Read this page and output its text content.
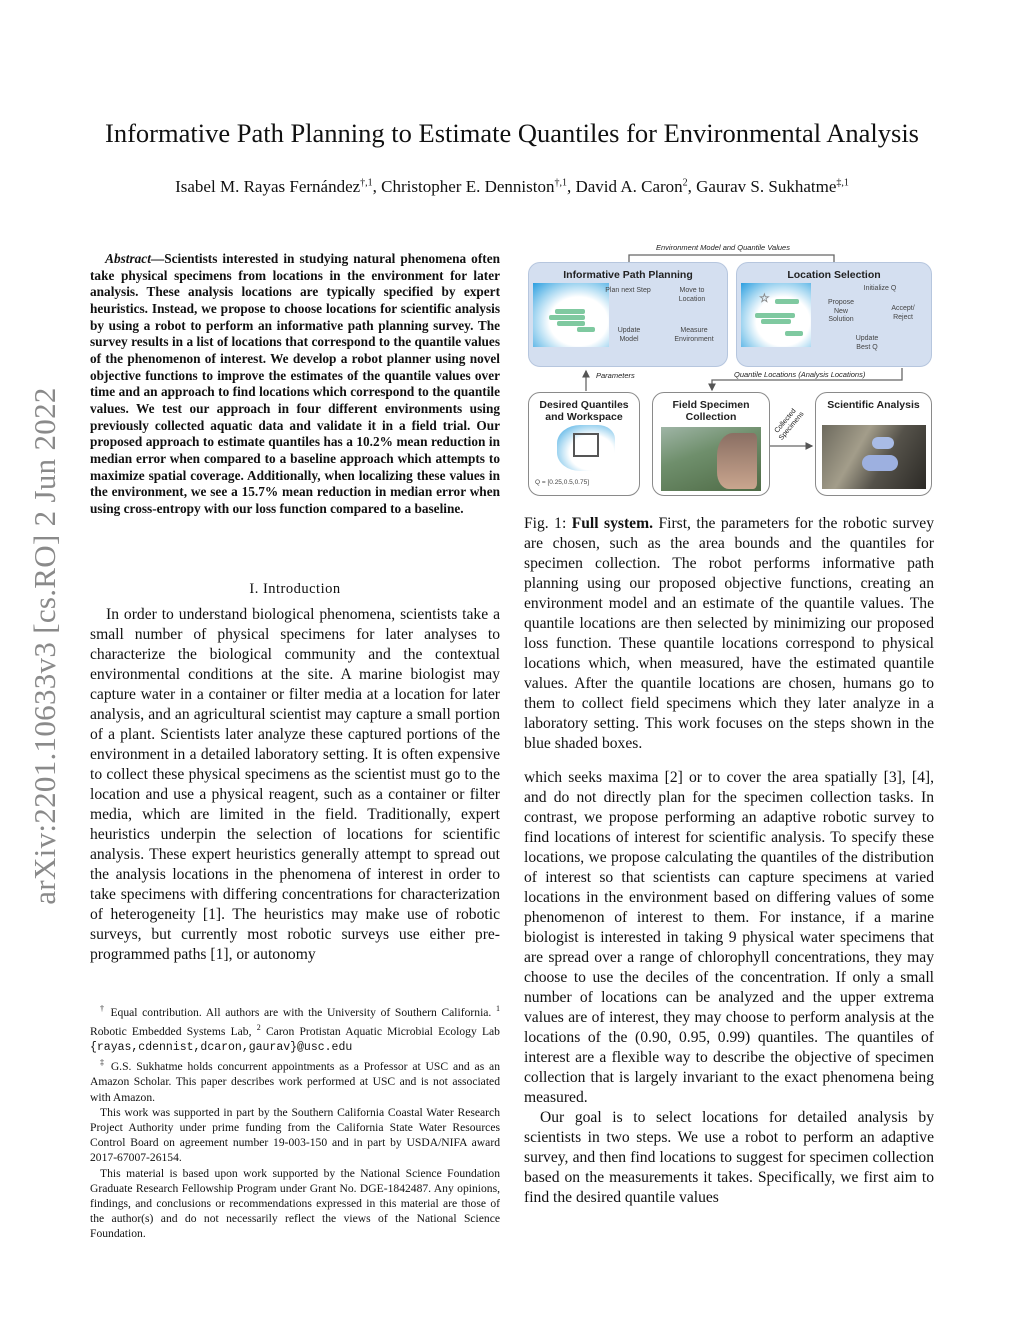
arXiv:2201.10633v3 [cs.RO] 2 Jun 2022
Informative Path Planning to Estimate Quantiles for Environmental Analysis
Isabel M. Rayas Fernández$^{\dagger,1}$, Christopher E. Denniston$^{\dagger,1}$, David A. Caron$^2$, Gaurav S. Sukhatme$^{\ddagger,1}$
Abstract—Scientists interested in studying natural phenomena often take physical specimens from locations in the environment for later analysis. These analysis locations are typically specified by expert heuristics. Instead, we propose to choose locations for scientific analysis by using a robot to perform an informative path planning survey. The survey results in a list of locations that correspond to the quantile values of the phenomenon of interest. We develop a robot planner using novel objective functions to improve the estimates of the quantile values over time and an approach to find locations which correspond to the quantile values. We test our approach in four different environments using previously collected aquatic data and validate it in a field trial. Our proposed approach to estimate quantiles has a 10.2% mean reduction in median error when compared to a baseline approach which attempts to maximize spatial coverage. Additionally, when localizing these values in the environment, we see a 15.7% mean reduction in median error when using cross-entropy with our loss function compared to a baseline.
I. Introduction

In order to understand biological phenomena, scientists take a small number of physical specimens for later analyses to characterize the biological community and the contextual environmental conditions at the site. A marine biologist may capture water in a container or filter media at a location for later analysis, and an agricultural scientist may capture a small portion of a plant. Scientists later analyze these captured portions of the environment in a detailed laboratory setting. It is often expensive to collect these physical specimens as the scientist must go to the location and use a physical reagent, such as a container or filter media, which are limited in the field. Traditionally, expert heuristics underpin the selection of locations for scientific analysis. These expert heuristics generally attempt to spread out the analysis locations in the phenomena of interest in order to take specimens with differing concentrations for characterization of heterogeneity [1]. The heuristics may make use of robotic surveys, but currently most robotic surveys use either pre-programmed paths [1], or autonomy

† Equal contribution. All authors are with the University of Southern California. $^1$ Robotic Embedded Systems Lab, $^2$ Caron Protistan Aquatic Microbial Ecology Lab {rayas,cdennist,dcaron,gaurav}@usc.edu

‡ G.S. Sukhatme holds concurrent appointments as a Professor at USC and as an Amazon Scholar. This paper describes work performed at USC and is not associated with Amazon.

This work was supported in part by the Southern California Coastal Water Research Project Authority under prime funding from the California State Water Resources Control Board on agreement number 19-003-150 and in part by USDA/NIFA award 2017-67007-26154.

This material is based upon work supported by the National Science Foundation Graduate Research Fellowship Program under Grant No. DGE-1842487. Any opinions, findings, and conclusions or recommendations expressed in this material are those of the author(s) and do not necessarily reflect the views of the National Science Foundation.

Environment Model and Quantile Values
Informative Path Planning
Plan next Step	Move to Location
Measure Environment
Update Model
Location Selection
☆
Initialize Q
Propose New Solution
Accept/ Reject
Update Best Q
Parameters	Quantile Locations (Analysis Locations)
Desired Quantiles and Workspace
Q = [0.25,0.5,0.75]
Field Specimen Collection	Collected Specimens
Scientific Analysis

Fig. 1: Full system. First, the parameters for the robotic survey are chosen, such as the area bounds and the quantiles for specimen collection. The robot performs informative path planning using our proposed objective functions, creating an environment model and an estimate of the quantile values. The quantile locations are then selected by minimizing our proposed loss function. These quantile locations correspond to physical locations which, when measured, have the estimated quantile values. After the quantile locations are chosen, humans go to them to collect field specimens which they later analyze in a laboratory setting. This work focuses on the steps shown in the blue shaded boxes.

which seeks maxima [2] or to cover the area spatially [3], [4], and do not directly plan for the specimen collection tasks. In contrast, we propose performing an adaptive robotic survey to find locations of interest for scientific analysis. To specify these locations, we propose calculating the quantiles of the distribution of interest so that scientists can capture specimens at varied locations in the environment based on differing values of some phenomenon of interest to them. For instance, if a marine biologist is interested in taking 9 physical water specimens that are spread over a range of chlorophyll concentrations, they may choose to use the deciles of the concentration. If only a small number of locations can be analyzed and the upper extrema values are of interest, they may choose to perform analysis at the locations of the (0.90, 0.95, 0.99) quantiles. The quantiles of interest are a flexible way to describe the objective of specimen collection that is largely invariant to the exact phenomena being measured.

Our goal is to select locations for detailed analysis by scientists in two steps. We use a robot to perform an adaptive survey, and then find locations to suggest for specimen collection based on the measurements it takes. Specifically, we first aim to find the desired quantile values
